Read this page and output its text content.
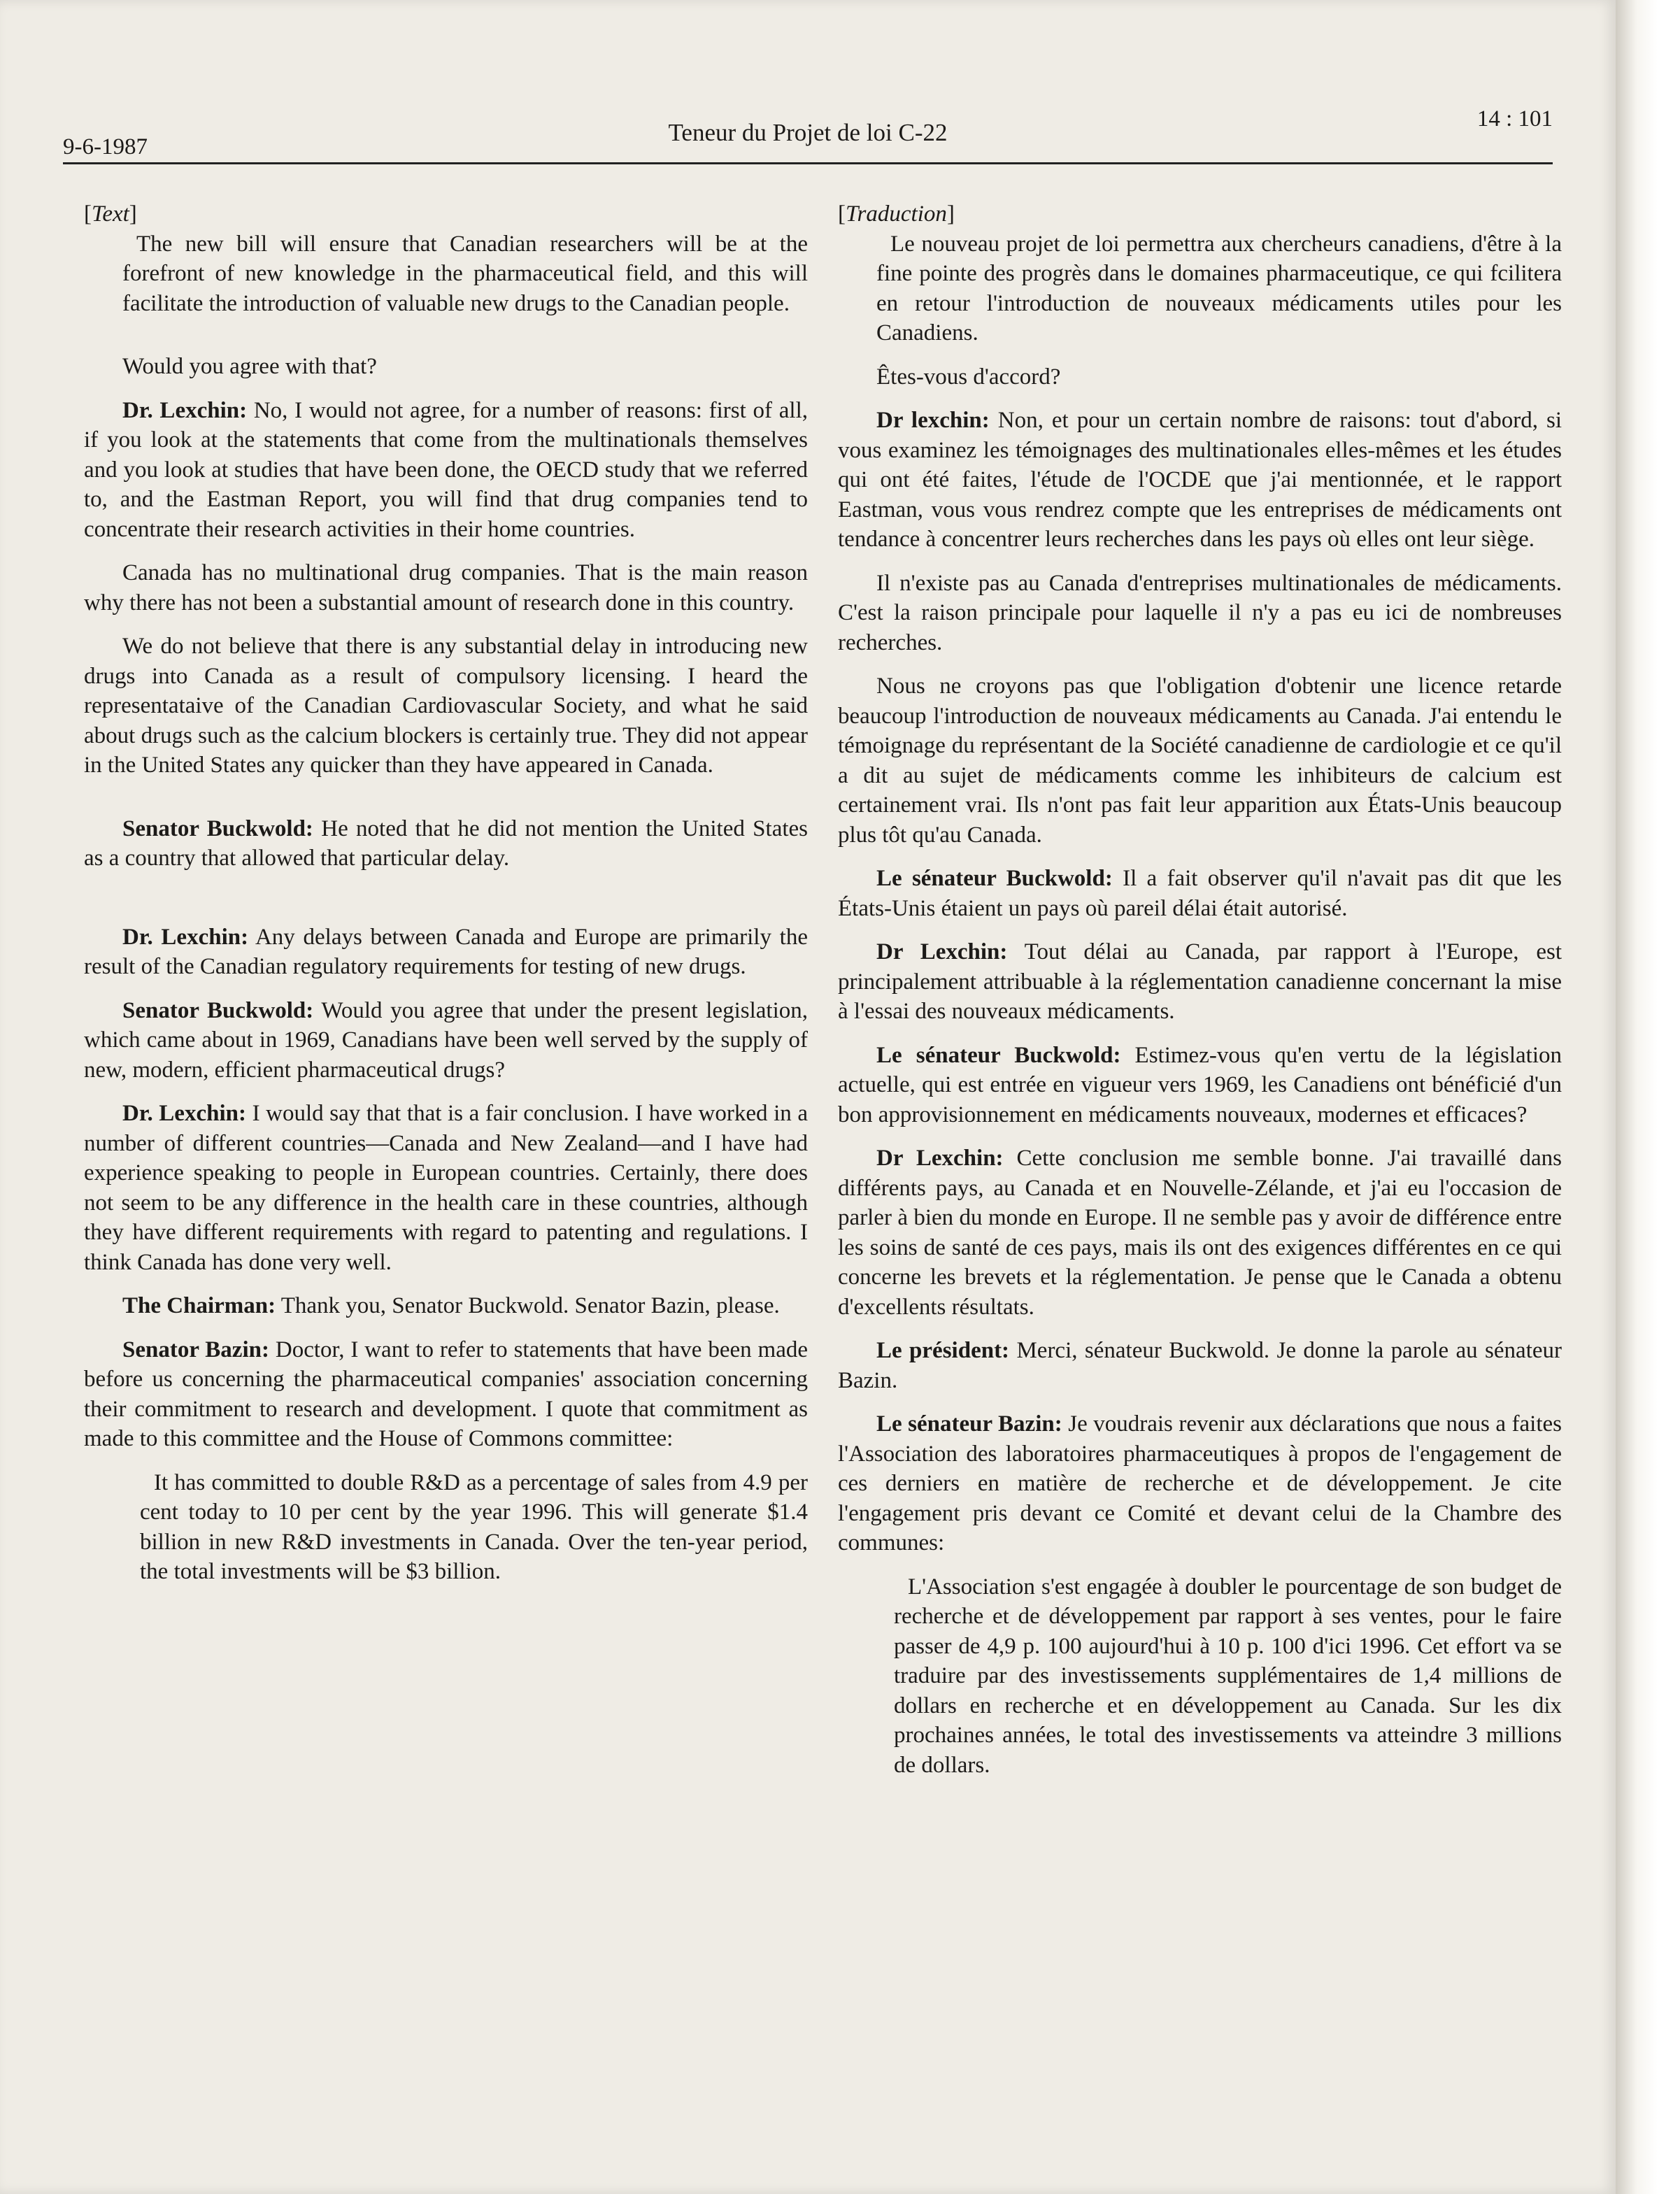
9-6-1987
Teneur du Projet de loi C-22	14 : 101

[Text]

The new bill will ensure that Canadian researchers will be at the forefront of new knowledge in the pharmaceutical field, and this will facilitate the introduction of valuable new drugs to the Canadian people.

Would you agree with that?

Dr. Lexchin: No, I would not agree, for a number of reasons: first of all, if you look at the statements that come from the multinationals themselves and you look at studies that have been done, the OECD study that we referred to, and the Eastman Report, you will find that drug companies tend to concentrate their research activities in their home countries.

Canada has no multinational drug companies. That is the main reason why there has not been a substantial amount of research done in this country.

We do not believe that there is any substantial delay in introducing new drugs into Canada as a result of compulsory licensing. I heard the representataive of the Canadian Cardiovascular Society, and what he said about drugs such as the calcium blockers is certainly true. They did not appear in the United States any quicker than they have appeared in Canada.

Senator Buckwold: He noted that he did not mention the United States as a country that allowed that particular delay.

Dr. Lexchin: Any delays between Canada and Europe are primarily the result of the Canadian regulatory requirements for testing of new drugs.

Senator Buckwold: Would you agree that under the present legislation, which came about in 1969, Canadians have been well served by the supply of new, modern, efficient pharmaceutical drugs?

Dr. Lexchin: I would say that that is a fair conclusion. I have worked in a number of different countries—Canada and New Zealand—and I have had experience speaking to people in European countries. Certainly, there does not seem to be any difference in the health care in these countries, although they have different requirements with regard to patenting and regulations. I think Canada has done very well.

The Chairman: Thank you, Senator Buckwold. Senator Bazin, please.

Senator Bazin: Doctor, I want to refer to statements that have been made before us concerning the pharmaceutical companies' association concerning their commitment to research and development. I quote that commitment as made to this committee and the House of Commons committee:

It has committed to double R&D as a percentage of sales from 4.9 per cent today to 10 per cent by the year 1996. This will generate $1.4 billion in new R&D investments in Canada. Over the ten-year period, the total investments will be $3 billion.

[Traduction]

Le nouveau projet de loi permettra aux chercheurs canadiens, d'être à la fine pointe des progrès dans le domaines pharmaceutique, ce qui fcilitera en retour l'introduction de nouveaux médicaments utiles pour les Canadiens.

Êtes-vous d'accord?

Dr lexchin: Non, et pour un certain nombre de raisons: tout d'abord, si vous examinez les témoignages des multinationales elles-mêmes et les études qui ont été faites, l'étude de l'OCDE que j'ai mentionnée, et le rapport Eastman, vous vous rendrez compte que les entreprises de médicaments ont tendance à concentrer leurs recherches dans les pays où elles ont leur siège.

Il n'existe pas au Canada d'entreprises multinationales de médicaments. C'est la raison principale pour laquelle il n'y a pas eu ici de nombreuses recherches.

Nous ne croyons pas que l'obligation d'obtenir une licence retarde beaucoup l'introduction de nouveaux médicaments au Canada. J'ai entendu le témoignage du représentant de la Société canadienne de cardiologie et ce qu'il a dit au sujet de médicaments comme les inhibiteurs de calcium est certainement vrai. Ils n'ont pas fait leur apparition aux États-Unis beaucoup plus tôt qu'au Canada.

Le sénateur Buckwold: Il a fait observer qu'il n'avait pas dit que les États-Unis étaient un pays où pareil délai était autorisé.

Dr Lexchin: Tout délai au Canada, par rapport à l'Europe, est principalement attribuable à la réglementation canadienne concernant la mise à l'essai des nouveaux médicaments.

Le sénateur Buckwold: Estimez-vous qu'en vertu de la législation actuelle, qui est entrée en vigueur vers 1969, les Canadiens ont bénéficié d'un bon approvisionnement en médicaments nouveaux, modernes et efficaces?

Dr Lexchin: Cette conclusion me semble bonne. J'ai travaillé dans différents pays, au Canada et en Nouvelle-Zélande, et j'ai eu l'occasion de parler à bien du monde en Europe. Il ne semble pas y avoir de différence entre les soins de santé de ces pays, mais ils ont des exigences différentes en ce qui concerne les brevets et la réglementation. Je pense que le Canada a obtenu d'excellents résultats.

Le président: Merci, sénateur Buckwold. Je donne la parole au sénateur Bazin.

Le sénateur Bazin: Je voudrais revenir aux déclarations que nous a faites l'Association des laboratoires pharmaceutiques à propos de l'engagement de ces derniers en matière de recherche et de développement. Je cite l'engagement pris devant ce Comité et devant celui de la Chambre des communes:

L'Association s'est engagée à doubler le pourcentage de son budget de recherche et de développement par rapport à ses ventes, pour le faire passer de 4,9 p. 100 aujourd'hui à 10 p. 100 d'ici 1996. Cet effort va se traduire par des investissements supplémentaires de 1,4 millions de dollars en recherche et en développement au Canada. Sur les dix prochaines années, le total des investissements va atteindre 3 millions de dollars.
